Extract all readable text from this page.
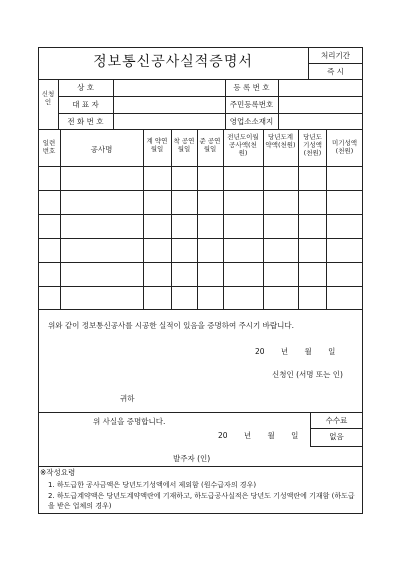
정보통신공사실적증명서	처리기간
즉 시
신청인
상 호
대 표 자
전 화 번 호
등 록 번 호
주민등록번호
영업소소재지
일련번호	공사명
계 약연월일
착 공연월일
준 공연월일
전년도이월공사액(천원)
당년도계약액(천원)
당년도기성액(천원)
미기성액(천원)
위와 같이 정보통신공사를 시공한 실적이 있음을 증명하여 주시기 바랍니다.
20 년 월 일
신청인 (서명 또는 인)
귀하
위 사실을 증명합니다.
20 년 월 일
수수료
없음
발주자 (인)
※작성요령
1. 하도급한 공사금액은 당년도기성액에서 제외함 (원수급자의 경우)
2. 하도급계약액은 당년도계약액란에 기재하고, 하도급공사실적은 당년도 기성액란에 기재함 (하도급을 받은 업체의 경우)
